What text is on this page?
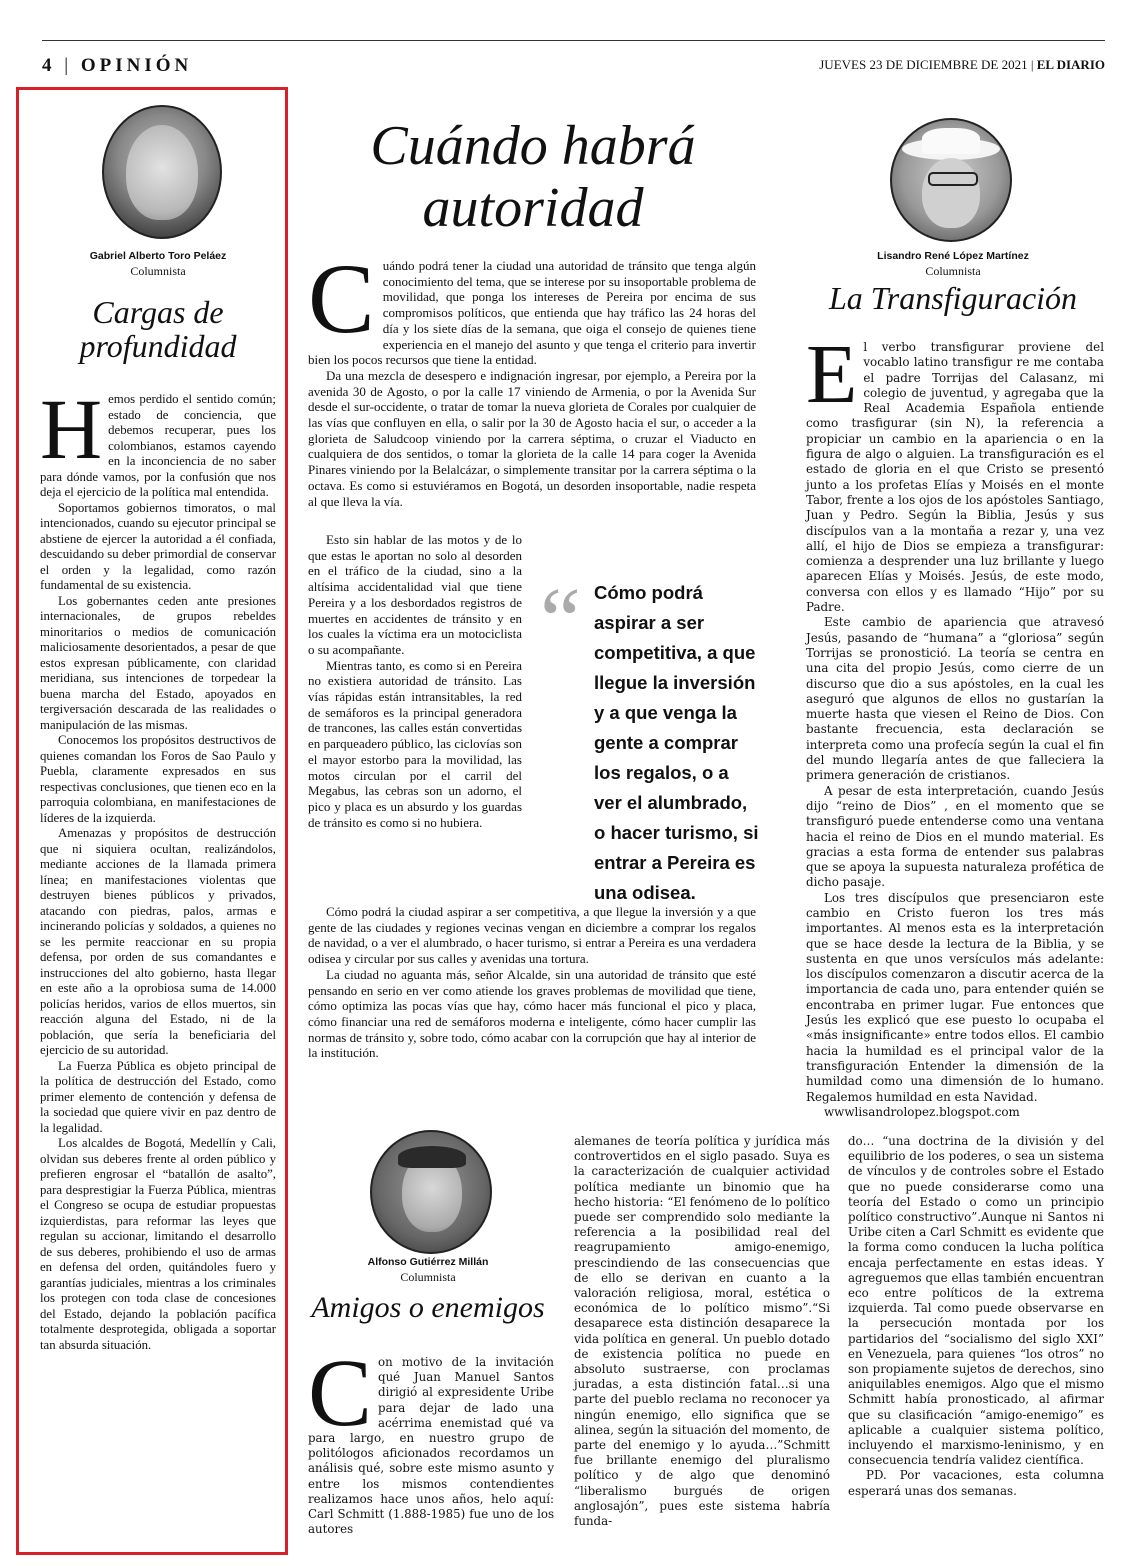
4 | OPINIÓN	JUEVES 23 DE DICIEMBRE DE 2021 | EL DIARIO
Gabriel Alberto Toro Peláez
Columnista
Cargas de
profundidad

Hemos perdido el sentido común; estado de conciencia, que debemos recuperar, pues los colombianos, estamos cayendo en la inconciencia de no saber para dónde vamos, por la confusión que nos deja el ejercicio de la política mal entendida.

Soportamos gobiernos timoratos, o mal intencionados, cuando su ejecutor principal se abstiene de ejercer la autoridad a él confiada, descuidando su deber primordial de conservar el orden y la legalidad, como razón fundamental de su existencia.

Los gobernantes ceden ante presiones internacionales, de grupos rebeldes minoritarios o medios de comunicación maliciosamente desorientados, a pesar de que estos expresan públicamente, con claridad meridiana, sus intenciones de torpedear la buena marcha del Estado, apoyados en tergiversación descarada de las realidades o manipulación de las mismas.

Conocemos los propósitos destructivos de quienes comandan los Foros de Sao Paulo y Puebla, claramente expresados en sus respectivas conclusiones, que tienen eco en la parroquia colombiana, en manifestaciones de líderes de la izquierda.

Amenazas y propósitos de destrucción que ni siquiera ocultan, realizándolos, mediante acciones de la llamada primera línea; en manifestaciones violentas que destruyen bienes públicos y privados, atacando con piedras, palos, armas e incinerando policías y soldados, a quienes no se les permite reaccionar en su propia defensa, por orden de sus comandantes e instrucciones del alto gobierno, hasta llegar en este año a la oprobiosa suma de 14.000 policías heridos, varios de ellos muertos, sin reacción alguna del Estado, ni de la población, que sería la beneficiaria del ejercicio de su autoridad.

La Fuerza Pública es objeto principal de la política de destrucción del Estado, como primer elemento de contención y defensa de la sociedad que quiere vivir en paz dentro de la legalidad.

Los alcaldes de Bogotá, Medellín y Cali, olvidan sus deberes frente al orden público y prefieren engrosar el “batallón de asalto”, para desprestigiar la Fuerza Pública, mientras el Congreso se ocupa de estudiar propuestas izquierdistas, para reformar las leyes que regulan su accionar, limitando el desarrollo de sus deberes, prohibiendo el uso de armas en defensa del orden, quitándoles fuero y garantías judiciales, mientras a los criminales los protegen con toda clase de concesiones del Estado, dejando la población pacífica totalmente desprotegida, obligada a soportar tan absurda situación.

Cuándo habrá
autoridad

Cuándo podrá tener la ciudad una autoridad de tránsito que tenga algún conocimiento del tema, que se interese por su insoportable problema de movilidad, que ponga los intereses de Pereira por encima de sus compromisos políticos, que entienda que hay tráfico las 24 horas del día y los siete días de la semana, que oiga el consejo de quienes tiene experiencia en el manejo del asunto y que tenga el criterio para invertir bien los pocos recursos que tiene la entidad.

Da una mezcla de desespero e indignación ingresar, por ejemplo, a Pereira por la avenida 30 de Agosto, o por la calle 17 viniendo de Armenia, o por la Avenida Sur desde el sur-occidente, o tratar de tomar la nueva glorieta de Corales por cualquier de las vías que confluyen en ella, o salir por la 30 de Agosto hacia el sur, o acceder a la glorieta de Saludcoop viniendo por la carrera séptima, o cruzar el Viaducto en cualquiera de dos sentidos, o tomar la glorieta de la calle 14 para coger la Avenida Pinares viniendo por la Belalcázar, o simplemente transitar por la carrera séptima o la octava. Es como si estuviéramos en Bogotá, un desorden insoportable, nadie respeta al que lleva la vía.

Esto sin hablar de las motos y de lo que estas le aportan no solo al desorden en el tráfico de la ciudad, sino a la altísima accidentalidad vial que tiene Pereira y a los desbordados registros de muertes en accidentes de tránsito y en los cuales la víctima era un motociclista o su acompañante.

Mientras tanto, es como si en Pereira no existiera autoridad de tránsito. Las vías rápidas están intransitables, la red de semáforos es la principal generadora de trancones, las calles están convertidas en parqueadero público, las ciclovías son el mayor estorbo para la movilidad, las motos circulan por el carril del Megabus, las cebras son un adorno, el pico y placa es un absurdo y los guardas de tránsito es como si no hubiera.

“ Cómo podrá aspirar a ser competitiva, a que llegue la inversión y a que venga la gente a comprar los regalos, o a ver el alumbrado, o hacer turismo, si entrar a Pereira es una odisea.

Cómo podrá la ciudad aspirar a ser competitiva, a que llegue la inversión y a que gente de las ciudades y regiones vecinas vengan en diciembre a comprar los regalos de navidad, o a ver el alumbrado, o hacer turismo, si entrar a Pereira es una verdadera odisea y circular por sus calles y avenidas una tortura.

La ciudad no aguanta más, señor Alcalde, sin una autoridad de tránsito que esté pensando en serio en ver como atiende los graves problemas de movilidad que tiene, cómo optimiza las pocas vías que hay, cómo hacer más funcional el pico y placa, cómo financiar una red de semáforos moderna e inteligente, cómo hacer cumplir las normas de tránsito y, sobre todo, cómo acabar con la corrupción que hay al interior de la institución.

Lisandro René López Martínez
Columnista
La Transfiguración

El verbo transfigurar proviene del vocablo latino transfigur re me contaba el padre Torrijas del Calasanz, mi colegio de juventud, y agregaba que la Real Academia Española entiende como trasfigurar (sin N), la referencia a propiciar un cambio en la apariencia o en la figura de algo o alguien. La transfiguración es el estado de gloria en el que Cristo se presentó junto a los profetas Elías y Moisés en el monte Tabor, frente a los ojos de los apóstoles Santiago, Juan y Pedro. Según la Biblia, Jesús y sus discípulos van a la montaña a rezar y, una vez allí, el hijo de Dios se empieza a transfigurar: comienza a desprender una luz brillante y luego aparecen Elías y Moisés. Jesús, de este modo, conversa con ellos y es llamado “Hijo” por su Padre.

Este cambio de apariencia que atravesó Jesús, pasando de “humana” a “gloriosa” según Torrijas se pronostició. La teoría se centra en una cita del propio Jesús, como cierre de un discurso que dio a sus apóstoles, en la cual les aseguró que algunos de ellos no gustarían la muerte hasta que viesen el Reino de Dios. Con bastante frecuencia, esta declaración se interpreta como una profecía según la cual el fin del mundo llegaría antes de que falleciera la primera generación de cristianos.

A pesar de esta interpretación, cuando Jesús dijo “reino de Dios” , en el momento que se transfiguró puede entenderse como una ventana hacia el reino de Dios en el mundo material. Es gracias a esta forma de entender sus palabras que se apoya la supuesta naturaleza profética de dicho pasaje.

Los tres discípulos que presenciaron este cambio en Cristo fueron los tres más importantes. Al menos esta es la interpretación que se hace desde la lectura de la Biblia, y se sustenta en que unos versículos más adelante: los discípulos comenzaron a discutir acerca de la importancia de cada uno, para entender quién se encontraba en primer lugar. Fue entonces que Jesús les explicó que ese puesto lo ocupaba el «más insignificante» entre todos ellos. El cambio hacia la humildad es el principal valor de la transfiguración Entender la dimensión de la humildad como una dimensión de lo humano. Regalemos humildad en esta Navidad.

wwwlisandrolopez.blogspot.com

Alfonso Gutiérrez Millán
Columnista
Amigos o enemigos

Con motivo de la invitación qué Juan Manuel Santos dirigió al expresidente Uribe para dejar de lado una acérrima enemistad qué va para largo, en nuestro grupo de politólogos aficionados recordamos un análisis qué, sobre este mismo asunto y entre los mismos contendientes realizamos hace unos años, helo aquí: Carl Schmitt (1.888-1985) fue uno de los autores

alemanes de teoría política y jurídica más controvertidos en el siglo pasado. Suya es la caracterización de cualquier actividad política mediante un binomio que ha hecho historia: “El fenómeno de lo político puede ser comprendido solo mediante la referencia a la posibilidad real del reagrupamiento amigo-enemigo, prescindiendo de las consecuencias que de ello se derivan en cuanto a la valoración religiosa, moral, estética o económica de lo político mismo”.“Si desaparece esta distinción desaparece la vida política en general. Un pueblo dotado de existencia política no puede en absoluto sustraerse, con proclamas juradas, a esta distinción fatal…si una parte del pueblo reclama no reconocer ya ningún enemigo, ello significa que se alinea, según la situación del momento, de parte del enemigo y lo ayuda…”Schmitt fue brillante enemigo del pluralismo político y de algo que denominó “liberalismo burgués de origen anglosajón”, pues este sistema habría funda-

do… “una doctrina de la división y del equilibrio de los poderes, o sea un sistema de vínculos y de controles sobre el Estado que no puede considerarse como una teoría del Estado o como un principio político constructivo”.Aunque ni Santos ni Uribe citen a Carl Schmitt es evidente que la forma como conducen la lucha política encaja perfectamente en estas ideas. Y agreguemos que ellas también encuentran eco entre políticos de la extrema izquierda. Tal como puede observarse en la persecución montada por los partidarios del “socialismo del siglo XXI” en Venezuela, para quienes “los otros” no son propiamente sujetos de derechos, sino aniquilables enemigos. Algo que el mismo Schmitt había pronosticado, al afirmar que su clasificación “amigo-enemigo” es aplicable a cualquier sistema político, incluyendo el marxismo-leninismo, y en consecuencia tendría validez científica.

PD. Por vacaciones, esta columna esperará unas dos semanas.
